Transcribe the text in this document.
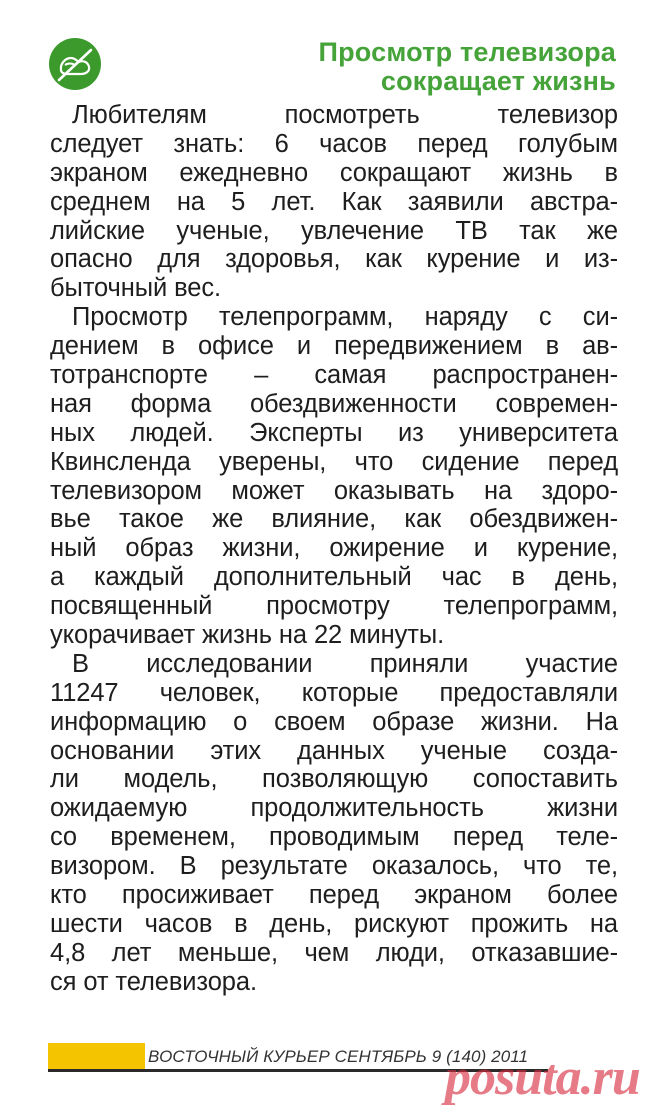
Просмотр телевизора
сокращает жизнь
Любителям посмотреть телевизор
следует знать: 6 часов перед голубым
экраном ежедневно сокращают жизнь в
среднем на 5 лет. Как заявили австра-
лийские ученые, увлечение ТВ так же
опасно для здоровья, как курение и из-
быточный вес.
Просмотр телепрограмм, наряду с си-
дением в офисе и передвижением в ав-
тотранспорте – самая распространен-
ная форма обездвиженности современ-
ных людей. Эксперты из университета
Квинсленда уверены, что сидение перед
телевизором может оказывать на здоро-
вье такое же влияние, как обездвижен-
ный образ жизни, ожирение и курение,
а каждый дополнительный час в день,
посвященный просмотру телепрограмм,
укорачивает жизнь на 22 минуты.
В исследовании приняли участие
11247 человек, которые предоставляли
информацию о своем образе жизни. На
основании этих данных ученые созда-
ли модель, позволяющую сопоставить
ожидаемую продолжительность жизни
со временем, проводимым перед теле-
визором. В результате оказалось, что те,
кто просиживает перед экраном более
шести часов в день, рискуют прожить на
4,8 лет меньше, чем люди, отказавшие-
ся от телевизора.
ВОСТОЧНЫЙ КУРЬЕР СЕНТЯБРЬ 9 (140) 2011
posuta.ru
